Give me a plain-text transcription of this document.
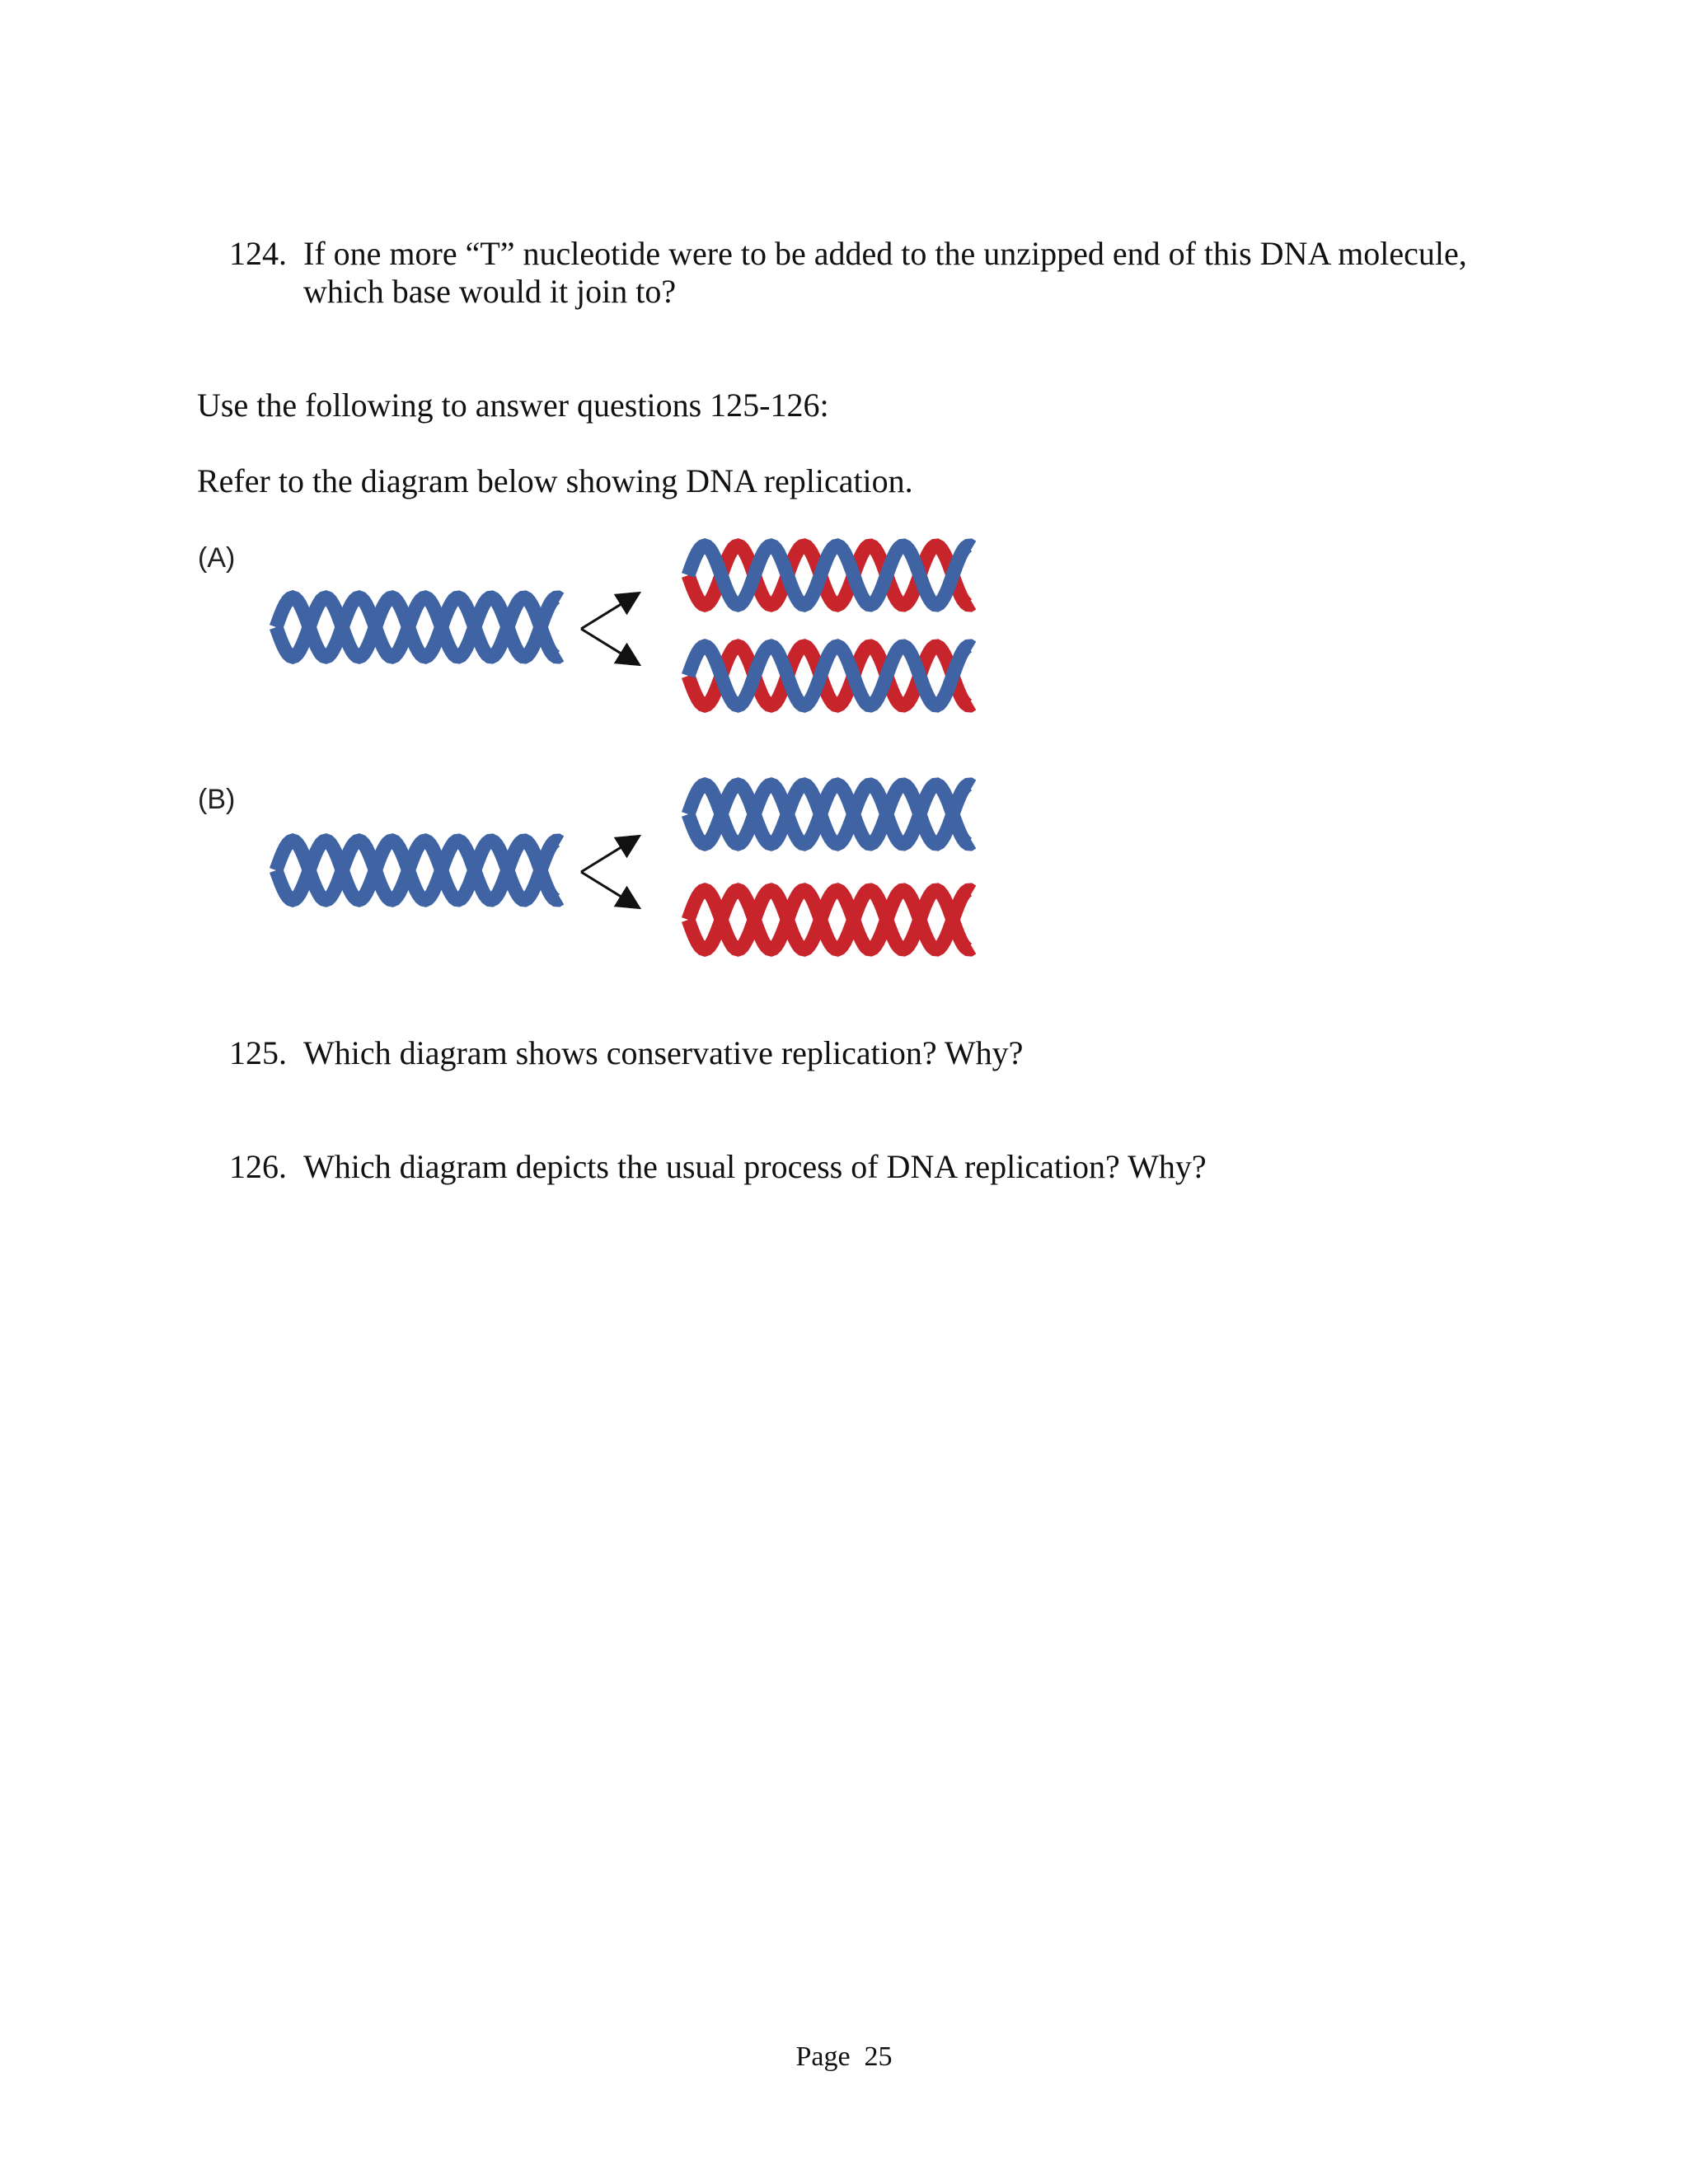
124. If one more “T” nucleotide were to be added to the unzipped end of this DNA molecule,
which base would it join to?
Use the following to answer questions 125-126:
Refer to the diagram below showing DNA replication.
(A)
(B)
125. Which diagram shows conservative replication? Why?
126. Which diagram depicts the usual process of DNA replication? Why?
Page  25
